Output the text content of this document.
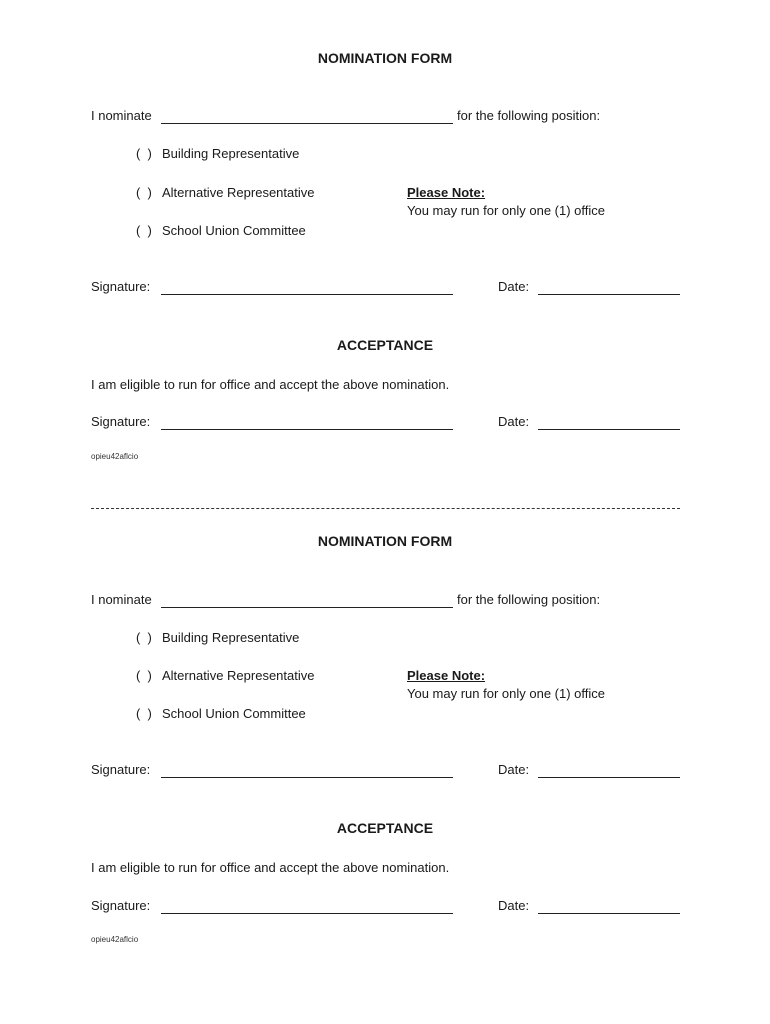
NOMINATION FORM
I nominate	for the following position:
(  ) Building Representative
(  ) Alternative Representative	Please Note:
You may run for only one (1) office
(  ) School Union Committee
Signature:	Date:
ACCEPTANCE
I am eligible to run for office and accept the above nomination.
Signature:	Date:
opieu42aflcio
NOMINATION FORM
I nominate	for the following position:
(  ) Building Representative
(  ) Alternative Representative	Please Note:
You may run for only one (1) office
(  ) School Union Committee
Signature:	Date:
ACCEPTANCE
I am eligible to run for office and accept the above nomination.
Signature:	Date:
opieu42aflcio
